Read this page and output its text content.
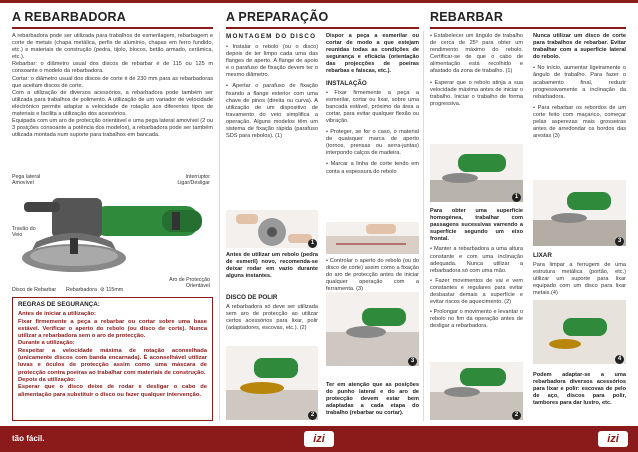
A REBARBADORA

A rebarbadora pode ser utilizada para trabalhos de esmerilagem, rebarbagem e corte de metais (chapa metálica, perfis de alumínio, chapas em ferro fundido, etc.) e materiais de construção (pedra, tijolo, blocos, betão armado, cerâmica, etc.).

Rebarbar: o diâmetro usual dos discos de rebarbar é de 115 ou 125 m consoante o modelo da rebarbadora.

Cortar: o diâmetro usual dos discos de corte é de 230 mm para as rebarbadoras que aceitam discos de corte.

Com a utilização de diversos acessórios, a rebarbadora pode também ser utilizada para trabalhos de polimento. A utilização de um variador de velocidade electrónico permite adaptar a velocidade de rotação aos diferentes tipos de materiais e facilita a utilização dos acessórios.

Equipada com um aro de protecção orientável e uma pega lateral amovível (2 ou 3 posições consoante a potência dos modelos), a rebarbadora pode ser também utilizada montada num suporte para trabalhos em bancada.

Pega lateral Amovível
Interruptor Ligar/Desligar
Travão do Veio
Aro de Protecção Orientável
Disco de Rebarbar Rebarbadora ⊘ 115mm
REGRAS DE SEGURANÇA:
Antes de iniciar a utilização:
Fixar firmemente a peça a rebarbar ou cortar sobre uma base estável. Verificar o aperto do rebolo (ou disco de corte). Nunca utilizar a rebarbadora sem o aro de protecção.
Durante a utilização:
Respeitar a velocidade máxima de rotação aconselhada (unicamente discos com banda encarnada). É aconselhável utilizar luvas e óculos de protecção assim como uma máscara de protecção contra poeiras ao trabalhar com materiais de construção.
Depois da utilização:
Esperar que o disco deixe de rodar e desligar o cabo de alimentação para substituir o disco ou fazer qualquer intervenção.
A PREPARAÇÃO
MONTAGEM DO DISCO

• Instalar o rebolo (ou o disco) depois de ter limpo cada uma das flanges de aperto. A flange de apoio e o parafuso de fixação devem ter o mesmo diâmetro.

• Apertar o parafuso de fixação fixando a flange exterior com uma chave de pinos (direita ou curva). A utilização de um dispositivo de travamento do veio simplifica a operação. Alguns modelos têm um sistema de fixação rápida (parafuso SDS para rebolos). (1)

1

Antes de utilizar um rebolo (pedra de esmeril) novo, recomenda-se deixar rodar em vazio durante alguns instantes.

DISCO DE POLIR

A rebarbadora só deve ser utilizada sem aro de protecção ao utilizar certos acessórios para lixar, polir (adaptadores, escovas, etc.). (2)

2

Dispor a peça a esmerilar ou cortar de modo a que estejam reunidas todas as condições de segurança e eficácia (orientação das projecções de poeiras rebarbas e faiscas, etc.).

INSTALAÇÃO

• Fixar firmemente a peça a esmerilar, cortar ou lixar, sobre uma bancada estável, próximo da área a cortar, para evitar qualquer flexão ou vibração.

• Proteger, se for o caso, o material de quaisquer marca de aperto (tornos, prensas ou serra-juntas) interpondo calços de madeira.

• Marcar a linha de corte tendo em conta a espessura do rebolo

• Controlar o aperto do rebolo (ou do disco de corte) assim como a fixação do aro de protecção antes de iniciar qualquer operação com a ferramenta. (3)

3

Ter em atenção que as posições do punho lateral e do aro de protecção devem estar bem adaptadas a cada etapa do trabalho (rebarbar ou cortar).

REBARBAR

• Estabelecer um ângulo de trabalho de cerca de 25º para obter um rendimento máximo do rebolo. Certificar-se de que o cabo de alimentação está recolhido e afastado da zona de trabalho. (1)

• Esperar que o rebolo atinja a sua velocidade máxima antes de iniciar o trabalho. Iniciar o trabalho de forma progressiva.

1

Para obter uma superfície homogénea, trabalhar com passagens sucessivas varrendo a superfície segundo um eixo frontal.

• Manter a rebarbadora a uma altura constante e com uma inclinação adequada. Nunca utilizar a rebarbadora só com uma mão.

• Fazer movimentos de vai e vem constantes e regulares para evitar desbastar demais a superfície e evitar riscos de aquecimento. (2)

• Prolongar o movimento e levantar o rebolo no fim da operação antes de desligar a rebarbadora.

2

Nunca utilizar um disco de corte para trabalhos de rebarbar. Evitar trabalhar com a superfície lateral do rebolo.

• No início, aumentar ligeiramente o ângulo de trabalho. Para fazer o acabamento final, reduzir progressivamente a inclinação da rebarbadora.

• Para rebarbar os rebordos de um corte feito com maçarico, começar pelas asperezas mais grosseiras antes de arredondar os bordos das arestas (3)

3
LIXAR

Para limpar a ferrugem de uma estrutura metálica (portão, etc.) utilizar um suporte para lixar equipado com um disco para lixar metais.(4)

4

Podem adaptar-se a uma rebarbadora diversos acessórios para lixar e polir: escovas de pelo de aço, discos para polir, tambores para dar lustro, etc.

tão fácil.	izi	izi
